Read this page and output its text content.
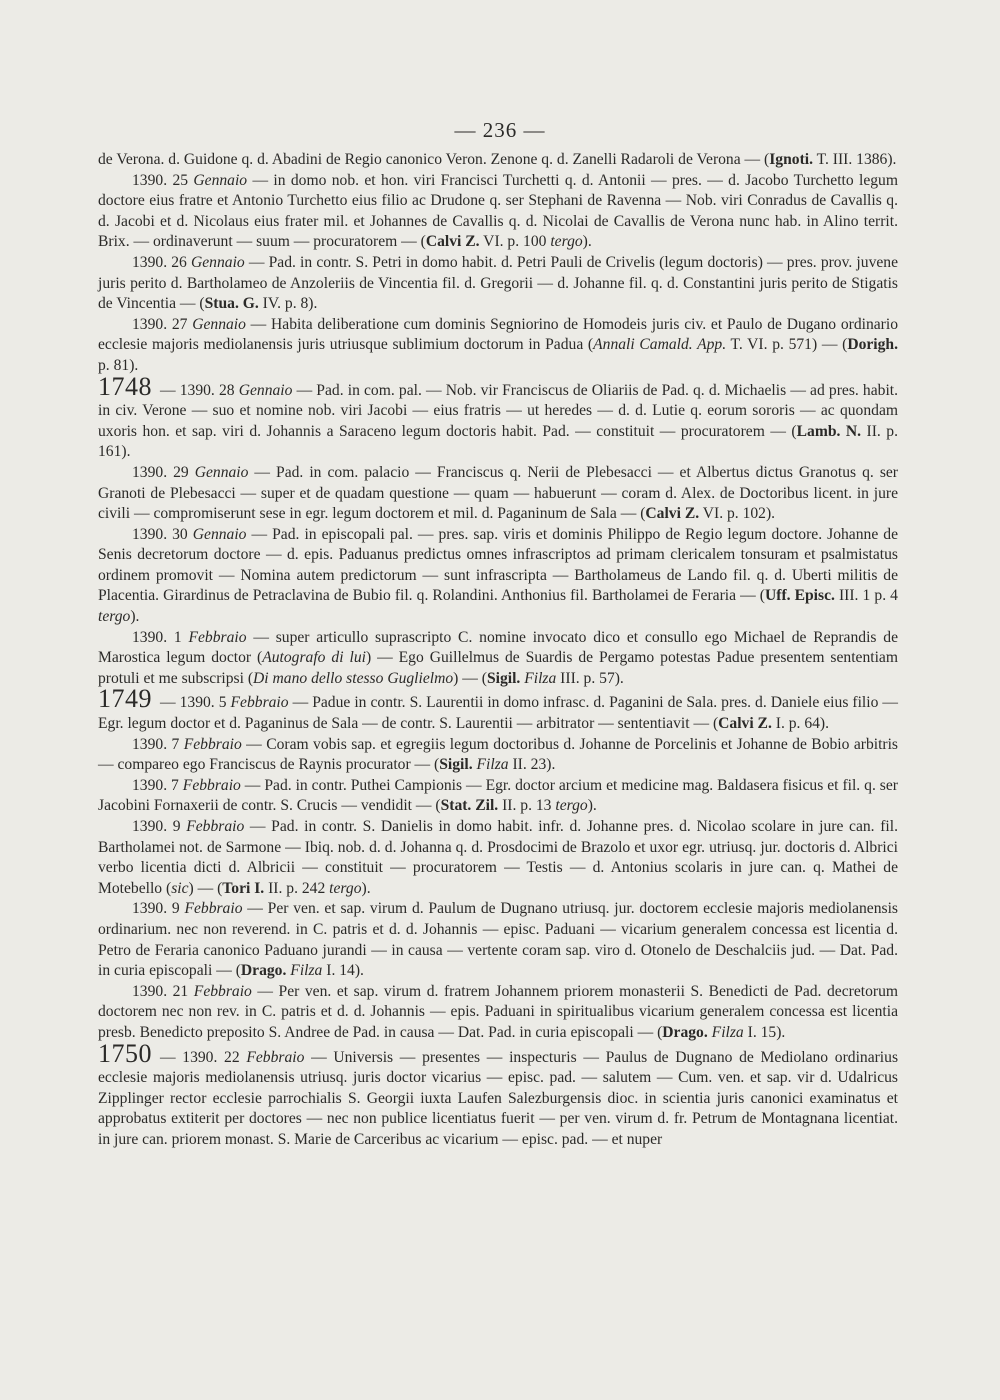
— 236 —

de Verona. d. Guidone q. d. Abadini de Regio canonico Veron. Zenone q. d. Zanelli Radaroli de Verona — (Ignoti. T. III. 1386).

1390. 25 Gennaio — in domo nob. et hon. viri Francisci Turchetti q. d. Antonii — pres. — d. Jacobo Turchetto legum doctore eius fratre et Antonio Turchetto eius filio ac Drudone q. ser Stephani de Ravenna — Nob. viri Conradus de Cavallis q. d. Jacobi et d. Nicolaus eius frater mil. et Johannes de Cavallis q. d. Nicolai de Cavallis de Verona nunc hab. in Alino territ. Brix. — ordinaverunt — suum — procuratorem — (Calvi Z. VI. p. 100 tergo).

1390. 26 Gennaio — Pad. in contr. S. Petri in domo habit. d. Petri Pauli de Crivelis (legum doctoris) — pres. prov. juvene juris perito d. Bartholameo de Anzoleriis de Vincentia fil. d. Gregorii — d. Johanne fil. q. d. Constantini juris perito de Stigatis de Vincentia — (Stua. G. IV. p. 8).

1390. 27 Gennaio — Habita deliberatione cum dominis Segniorino de Homodeis juris civ. et Paulo de Dugano ordinario ecclesie majoris mediolanensis juris utriusque sublimium doctorum in Padua (Annali Camald. App. T. VI. p. 571) — (Dorigh. p. 81).

1748 — 1390. 28 Gennaio — Pad. in com. pal. — Nob. vir Franciscus de Oliariis de Pad. q. d. Michaelis — ad pres. habit. in civ. Verone — suo et nomine nob. viri Jacobi — eius fratris — ut heredes — d. d. Lutie q. eorum sororis — ac quondam uxoris hon. et sap. viri d. Johannis a Saraceno legum doctoris habit. Pad. — constituit — procuratorem — (Lamb. N. II. p. 161).

1390. 29 Gennaio — Pad. in com. palacio — Franciscus q. Nerii de Plebesacci — et Albertus dictus Granotus q. ser Granoti de Plebesacci — super et de quadam questione — quam — habuerunt — coram d. Alex. de Doctoribus licent. in jure civili — compromiserunt sese in egr. legum doctorem et mil. d. Paganinum de Sala — (Calvi Z. VI. p. 102).

1390. 30 Gennaio — Pad. in episcopali pal. — pres. sap. viris et dominis Philippo de Regio legum doctore. Johanne de Senis decretorum doctore — d. epis. Paduanus predictus omnes infrascriptos ad primam clericalem tonsuram et psalmistatus ordinem promovit — Nomina autem predictorum — sunt infrascripta — Bartholameus de Lando fil. q. d. Uberti militis de Placentia. Girardinus de Petraclavina de Bubio fil. q. Rolandini. Anthonius fil. Bartholamei de Feraria — (Uff. Episc. III. 1 p. 4 tergo).

1390. 1 Febbraio — super articullo suprascripto C. nomine invocato dico et consullo ego Michael de Reprandis de Marostica legum doctor (Autografo di lui) — Ego Guillelmus de Suardis de Pergamo potestas Padue presentem sententiam protuli et me subscripsi (Di mano dello stesso Guglielmo) — (Sigil. Filza III. p. 57).

1749 — 1390. 5 Febbraio — Padue in contr. S. Laurentii in domo infrasc. d. Paganini de Sala. pres. d. Daniele eius filio — Egr. legum doctor et d. Paganinus de Sala — de contr. S. Laurentii — arbitrator — sententiavit — (Calvi Z. I. p. 64).

1390. 7 Febbraio — Coram vobis sap. et egregiis legum doctoribus d. Johanne de Porcelinis et Johanne de Bobio arbitris — compareo ego Franciscus de Raynis procurator — (Sigil. Filza II. 23).

1390. 7 Febbraio — Pad. in contr. Puthei Campionis — Egr. doctor arcium et medicine mag. Baldasera fisicus et fil. q. ser Jacobini Fornaxerii de contr. S. Crucis — vendidit — (Stat. Zil. II. p. 13 tergo).

1390. 9 Febbraio — Pad. in contr. S. Danielis in domo habit. infr. d. Johanne pres. d. Nicolao scolare in jure can. fil. Bartholamei not. de Sarmone — Ibiq. nob. d. d. Johanna q. d. Prosdocimi de Brazolo et uxor egr. utriusq. jur. doctoris d. Albrici verbo licentia dicti d. Albricii — constituit — procuratorem — Testis — d. Antonius scolaris in jure can. q. Mathei de Motebello (sic) — (Tori I. II. p. 242 tergo).

1390. 9 Febbraio — Per ven. et sap. virum d. Paulum de Dugnano utriusq. jur. doctorem ecclesie majoris mediolanensis ordinarium. nec non reverend. in C. patris et d. d. Johannis — episc. Paduani — vicarium generalem concessa est licentia d. Petro de Feraria canonico Paduano jurandi — in causa — vertente coram sap. viro d. Otonelo de Deschalciis jud. — Dat. Pad. in curia episcopali — (Drago. Filza I. 14).

1390. 21 Febbraio — Per ven. et sap. virum d. fratrem Johannem priorem monasterii S. Benedicti de Pad. decretorum doctorem nec non rev. in C. patris et d. d. Johannis — epis. Paduani in spiritualibus vicarium generalem concessa est licentia presb. Benedicto preposito S. Andree de Pad. in causa — Dat. Pad. in curia episcopali — (Drago. Filza I. 15).

1750 — 1390. 22 Febbraio — Universis — presentes — inspecturis — Paulus de Dugnano de Mediolano ordinarius ecclesie majoris mediolanensis utriusq. juris doctor vicarius — episc. pad. — salutem — Cum. ven. et sap. vir d. Udalricus Zipplinger rector ecclesie parrochialis S. Georgii iuxta Laufen Salezburgensis dioc. in scientia juris canonici examinatus et approbatus extiterit per doctores — nec non publice licentiatus fuerit — per ven. virum d. fr. Petrum de Montagnana licentiat. in jure can. priorem monast. S. Marie de Carceribus ac vicarium — episc. pad. — et nuper
